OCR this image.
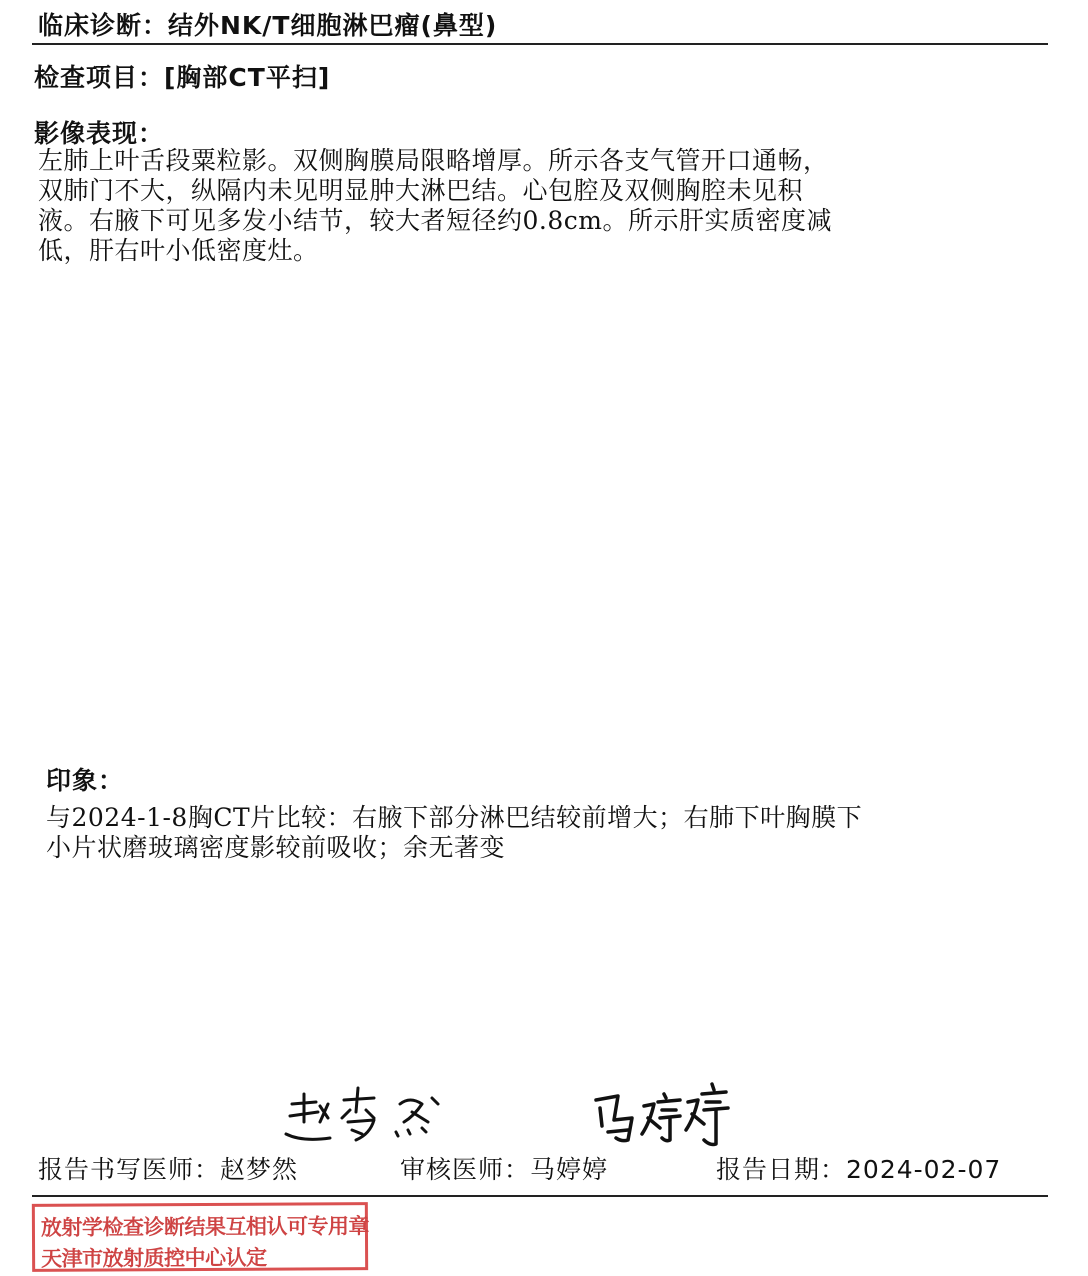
临床诊断：结外NK/T细胞淋巴瘤(鼻型)
检查项目：[胸部CT平扫]
影像表现：
左肺上叶舌段粟粒影。双侧胸膜局限略增厚。所示各支气管开口通畅，
双肺门不大，纵隔内未见明显肿大淋巴结。心包腔及双侧胸腔未见积
液。右腋下可见多发小结节，较大者短径约0.8cm。所示肝实质密度减
低，肝右叶小低密度灶。
印象：
与2024-1-8胸CT片比较：右腋下部分淋巴结较前增大；右肺下叶胸膜下
小片状磨玻璃密度影较前吸收；余无著变
报告书写医师：赵梦然	审核医师：马婷婷	报告日期：2024-02-07
放射学检查诊断结果互相认可专用章
天津市放射质控中心认定
